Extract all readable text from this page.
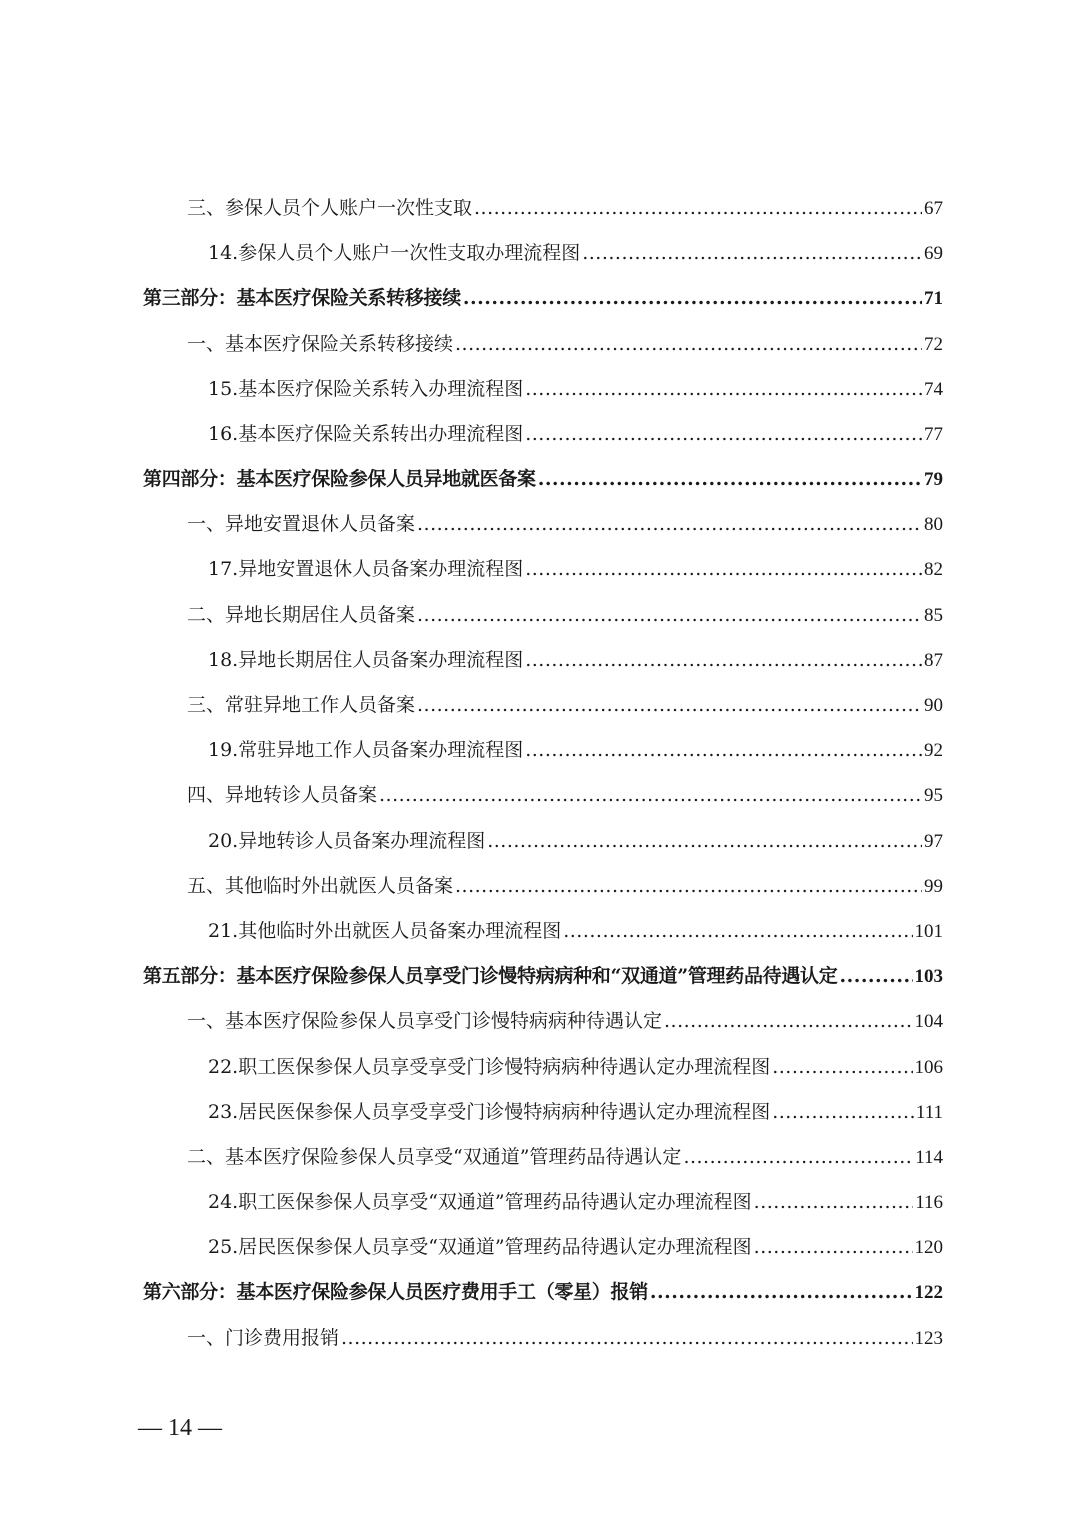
三、参保人员个人账户一次性支取 .....	67
14.参保人员个人账户一次性支取办理流程图 .....	69
第三部分：基本医疗保险关系转移接续 .....	71
一、基本医疗保险关系转移接续 .....	72
15.基本医疗保险关系转入办理流程图 .....	74
16.基本医疗保险关系转出办理流程图 .....	77
第四部分：基本医疗保险参保人员异地就医备案 .....	79
一、异地安置退休人员备案 .....	80
17.异地安置退休人员备案办理流程图 .....	82
二、异地长期居住人员备案 .....	85
18.异地长期居住人员备案办理流程图 .....	87
三、常驻异地工作人员备案 .....	90
19.常驻异地工作人员备案办理流程图 .....	92
四、异地转诊人员备案 .....	95
20.异地转诊人员备案办理流程图 .....	97
五、其他临时外出就医人员备案 .....	99
21.其他临时外出就医人员备案办理流程图 .....	101
第五部分：基本医疗保险参保人员享受门诊慢特病病种和“双通道”管理药品待遇认定 .....	103
一、基本医疗保险参保人员享受门诊慢特病病种待遇认定 .....	104
22.职工医保参保人员享受享受门诊慢特病病种待遇认定办理流程图 .....	106
23.居民医保参保人员享受享受门诊慢特病病种待遇认定办理流程图 .....	111
二、基本医疗保险参保人员享受“双通道”管理药品待遇认定 .....	114
24.职工医保参保人员享受“双通道”管理药品待遇认定办理流程图 .....	116
25.居民医保参保人员享受“双通道”管理药品待遇认定办理流程图 .....	120
第六部分：基本医疗保险参保人员医疗费用手工（零星）报销 .....	122
一、门诊费用报销 .....	123
— 14 —
